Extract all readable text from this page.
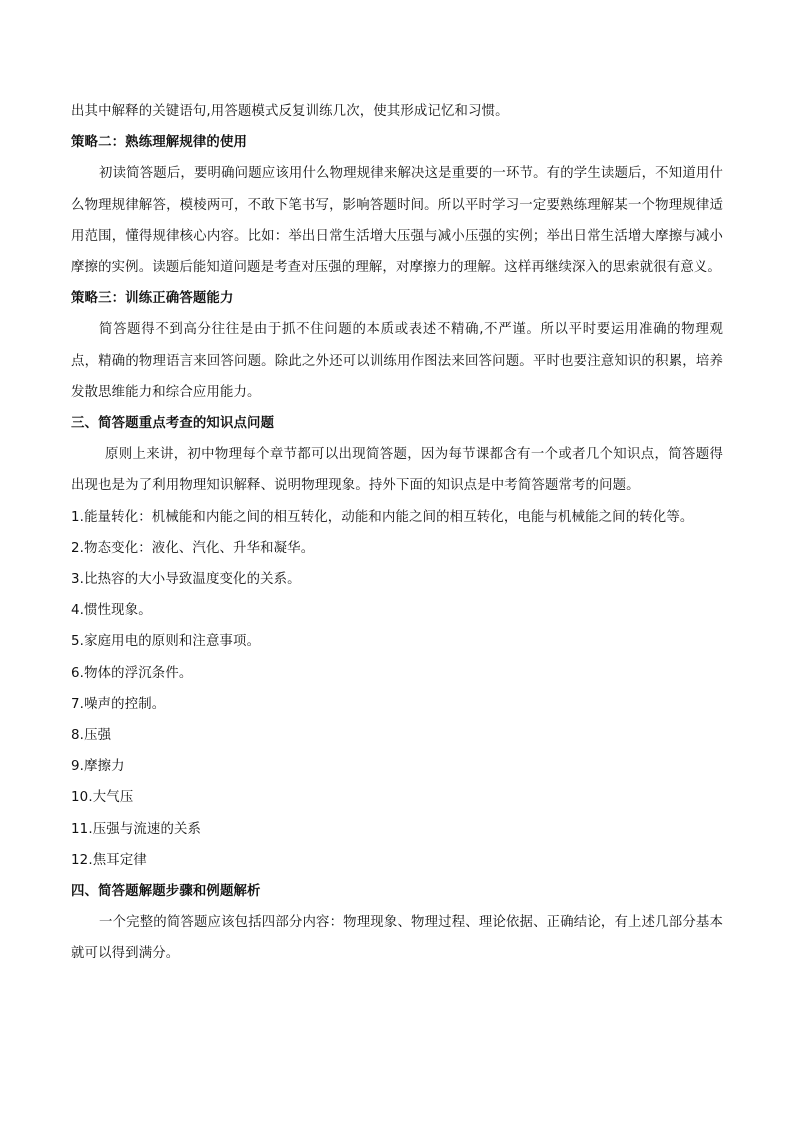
出其中解释的关键语句,用答题模式反复训练几次，使其形成记忆和习惯。

策略二：熟练理解规律的使用

初读简答题后，要明确问题应该用什么物理规律来解决这是重要的一环节。有的学生读题后，不知道用什么物理规律解答，模棱两可，不敢下笔书写，影响答题时间。所以平时学习一定要熟练理解某一个物理规律适用范围，懂得规律核心内容。比如：举出日常生活增大压强与减小压强的实例；举出日常生活增大摩擦与减小摩擦的实例。读题后能知道问题是考查对压强的理解，对摩擦力的理解。这样再继续深入的思索就很有意义。

策略三：训练正确答题能力

简答题得不到高分往往是由于抓不住问题的本质或表述不精确,不严谨。所以平时要运用准确的物理观点，精确的物理语言来回答问题。除此之外还可以训练用作图法来回答问题。平时也要注意知识的积累，培养发散思维能力和综合应用能力。

三、简答题重点考查的知识点问题

原则上来讲，初中物理每个章节都可以出现简答题，因为每节课都含有一个或者几个知识点，简答题得出现也是为了利用物理知识解释、说明物理现象。持外下面的知识点是中考简答题常考的问题。

1.能量转化：机械能和内能之间的相互转化，动能和内能之间的相互转化，电能与机械能之间的转化等。

2.物态变化：液化、汽化、升华和凝华。

3.比热容的大小导致温度变化的关系。

4.惯性现象。

5.家庭用电的原则和注意事项。

6.物体的浮沉条件。

7.噪声的控制。

8.压强

9.摩擦力

10.大气压

11.压强与流速的关系

12.焦耳定律

四、简答题解题步骤和例题解析

一个完整的简答题应该包括四部分内容：物理现象、物理过程、理论依据、正确结论，有上述几部分基本就可以得到满分。
